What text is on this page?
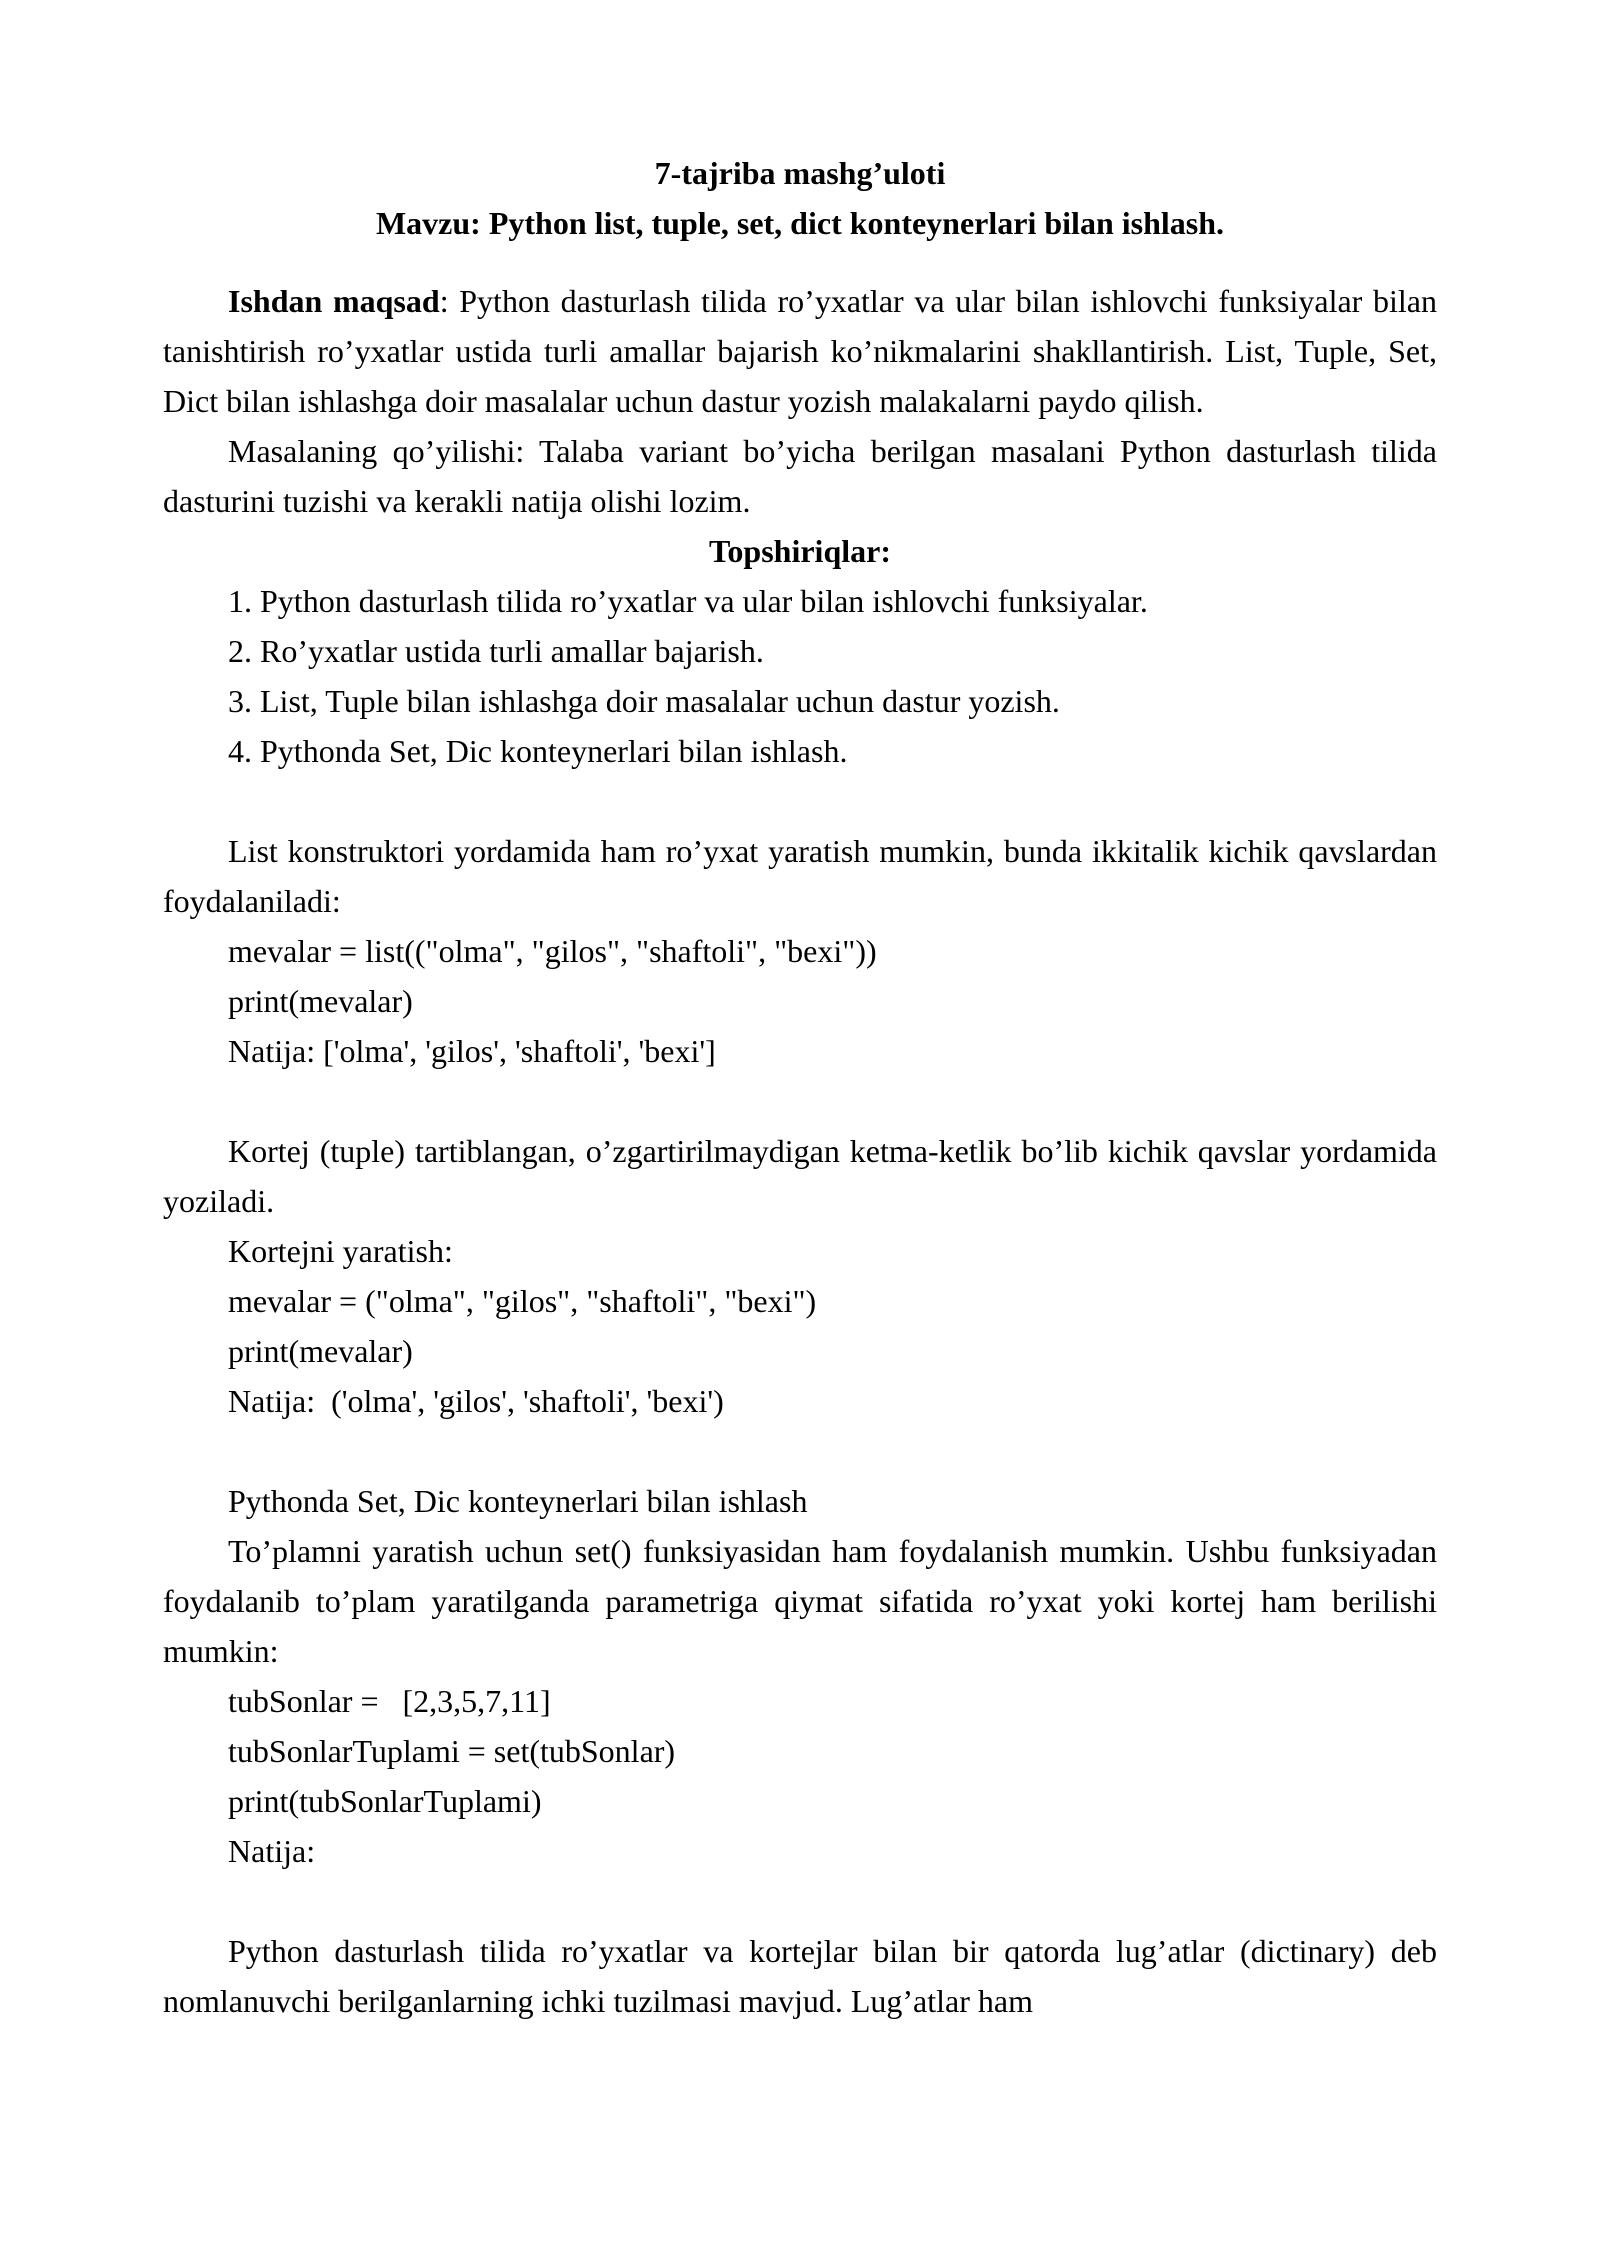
7-tajriba mashg’uloti

Mavzu: Python list, tuple, set, dict konteynerlari bilan ishlash.

Ishdan maqsad: Python dasturlash tilida ro’yxatlar va ular bilan ishlovchi funksiyalar bilan tanishtirish ro’yxatlar ustida turli amallar bajarish ko’nikmalarini shakllantirish. List, Tuple, Set, Dict bilan ishlashga doir masalalar uchun dastur yozish malakalarni paydo qilish.

Masalaning qo’yilishi: Talaba variant bo’yicha berilgan masalani Python dasturlash tilida dasturini tuzishi va kerakli natija olishi lozim.

Topshiriqlar:

1. Python dasturlash tilida ro’yxatlar va ular bilan ishlovchi funksiyalar.

2. Ro’yxatlar ustida turli amallar bajarish.

3. List, Tuple bilan ishlashga doir masalalar uchun dastur yozish.

4. Pythonda Set, Dic konteynerlari bilan ishlash.

List konstruktori yordamida ham ro’yxat yaratish mumkin, bunda ikkitalik kichik qavslardan foydalaniladi:

mevalar = list(("olma", "gilos", "shaftoli", "bexi"))

print(mevalar)

Natija: ['olma', 'gilos', 'shaftoli', 'bexi']

Kortej (tuple) tartiblangan, o’zgartirilmaydigan ketma-ketlik bo’lib kichik qavslar yordamida yoziladi.

Kortejni yaratish:

mevalar = ("olma", "gilos", "shaftoli", "bexi")

print(mevalar)

Natija:  ('olma', 'gilos', 'shaftoli', 'bexi')

Pythonda Set, Dic konteynerlari bilan ishlash

To’plamni yaratish uchun set() funksiyasidan ham foydalanish mumkin. Ushbu funksiyadan foydalanib to’plam yaratilganda parametriga qiymat sifatida ro’yxat yoki kortej ham berilishi mumkin:

tubSonlar =   [2,3,5,7,11]

tubSonlarTuplami = set(tubSonlar)

print(tubSonlarTuplami)

Natija:

Python dasturlash tilida ro’yxatlar va kortejlar bilan bir qatorda lug’atlar (dictinary) deb nomlanuvchi berilganlarning ichki tuzilmasi mavjud. Lug’atlar ham
